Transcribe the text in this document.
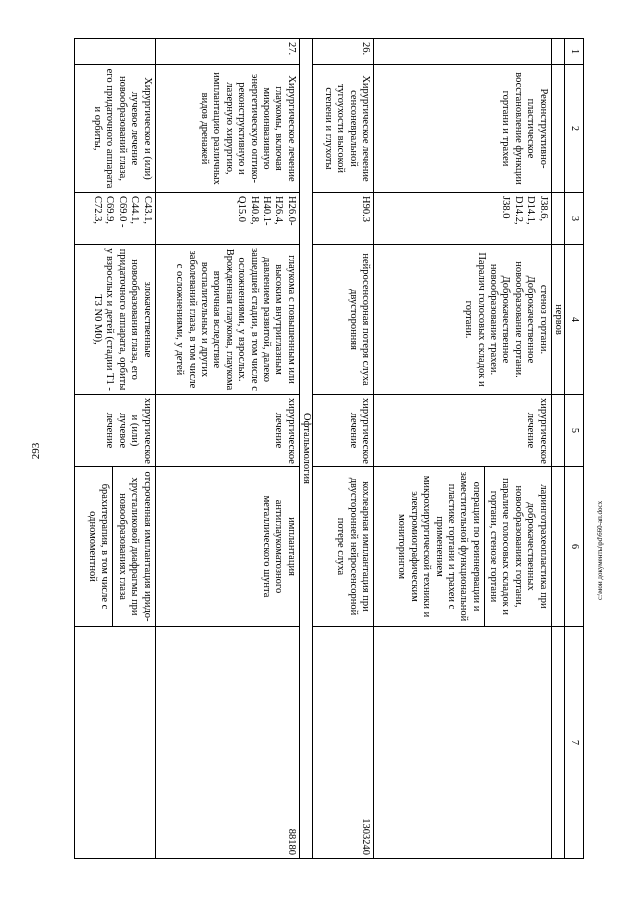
293
1	2	3	4	5	6	7
			нервов			
	Реконструктивно-пластическое восстановление функции гортани и трахеи	J38.6, D14.1, D14.2, J38.0	стеноз гортани. Доброкачественное новообразование гортани. Доброкачественное новообразование трахеи. Паралич голосовых складок и гортани.	хирургическое лечение	ларинготрахеопластика при доброкачественных новообразованиях гортани, параличе голосовых складок и гортани, стенозе гортани
операции по реиннервации и заместительной функциональной пластике гортани и трахеи с применением микрохирургической техники и электромиографическим мониторингом	

26.	Хирургическое лечение сенсоневральной тугоухости высокой степени и глухоты	H90.3	нейросенсорная потеря слуха двусторонняя	хирургическое лечение	кохлеарная имплантация при двусторонней нейросенсорной потере слуха	1303240
Офтальмология						
27.	Хирургическое лечение глаукомы, включая микроинвазивную энергетическую оптико-реконструктивную и лазерную хирургию, имплантацию различных видов дренажей	H26.0-H26.4, H40.1-H40.8, Q15.0	глаукома с повышенным или высоким внутриглазным давлением развитой, далеко зашедшей стадии, в том числе с осложнениями, у взрослых. Врожденная глаукома, глаукома вторичная вследствие воспалительных и других заболеваний глаза, в том числе с осложнениями, у детей	хирургическое лечение	имплантация антиглаукоматозного металлического шунта	88180
	Хирургическое и (или) лучевое лечение новообразований глаза, его придаточного аппарата и орбиты,	C43.1, C44.1, C69.0 - C69.9, C72.3,	злокачественные новообразования глаза, его придаточного аппарата, орбиты у взрослых и детей (стадии T1 - T3 N0 M0),	хирургическое и (или) лучевое лечение	отсроченная имплантация иридо-хрусталиковой диафрагмы при новообразованиях глаза
брахитерапия, в том числе с одномоментной	
		c:\мои документы\pd\660-ап.docx
